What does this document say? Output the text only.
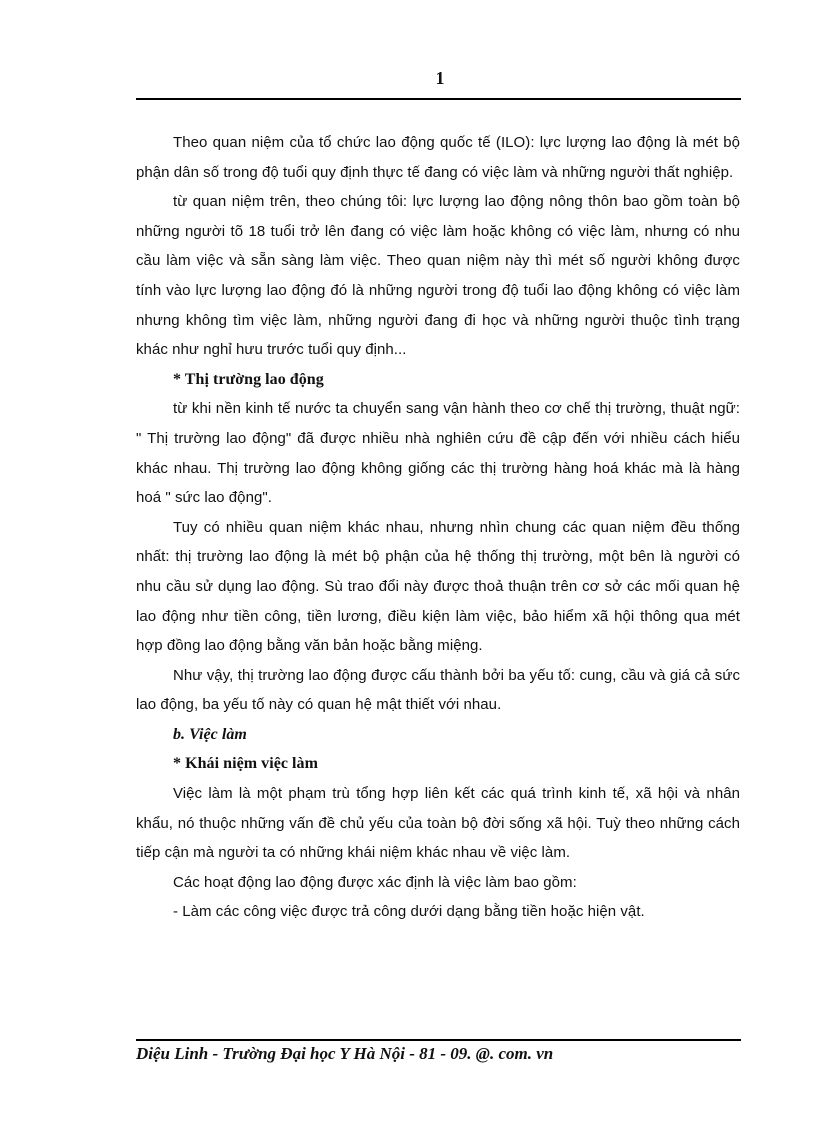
1

Theo quan niệm của tổ chức lao động quốc tế (ILO): lực lượng lao động là mét bộ phận dân số trong độ tuổi quy định thực tế đang có việc làm và những người thất nghiệp.

từ quan niệm trên, theo chúng tôi: lực lượng lao động nông thôn bao gồm toàn bộ những người tõ 18 tuổi trở lên đang có việc làm hoặc không có việc làm, nhưng có nhu cầu làm việc và sẵn sàng làm việc. Theo quan niệm này thì mét số người không được tính vào lực lượng lao động đó là những người trong độ tuổi lao động không có việc làm nhưng không tìm việc làm, những người đang đi học và những người thuộc tình trạng khác như nghỉ hưu trước tuổi quy định...

* Thị trường lao động

từ khi nền kinh tế nước ta chuyển sang vận hành theo cơ chế thị trường, thuật ngữ: " Thị trường lao động" đã được nhiều nhà nghiên cứu đề cập đến với nhiều cách hiểu khác nhau. Thị trường lao động không giống các thị trường hàng hoá khác mà là hàng hoá " sức lao động".

Tuy có nhiều quan niệm khác nhau, nhưng nhìn chung các quan niệm đều thống nhất: thị trường lao động là mét bộ phận của hệ thống thị trường, một bên là người có nhu cầu sử dụng lao động. Sù trao đổi này được thoả thuận trên cơ sở các mối quan hệ lao động như tiền công, tiền lương, điều kiện làm việc, bảo hiểm xã hội thông qua mét hợp đồng lao động bằng văn bản hoặc bằng miệng.

Như vậy, thị trường lao động được cấu thành bởi ba yếu tố: cung, cầu và giá cả sức lao động, ba yếu tố này có quan hệ mật thiết với nhau.

b. Việc làm

* Khái niệm việc làm

Việc làm là một phạm trù tổng hợp liên kết các quá trình kinh tế, xã hội và nhân khẩu, nó thuộc những vấn đề chủ yếu của toàn bộ đời sống xã hội. Tuỳ theo những cách tiếp cận mà người ta có những khái niệm khác nhau về việc làm.

Các hoạt động lao động được xác định là việc làm bao gồm:

- Làm các công việc được trả công dưới dạng bằng tiền hoặc hiện vật.

Diệu Linh - Trường Đại học Y Hà Nội - 81 - 09. @. com. vn
